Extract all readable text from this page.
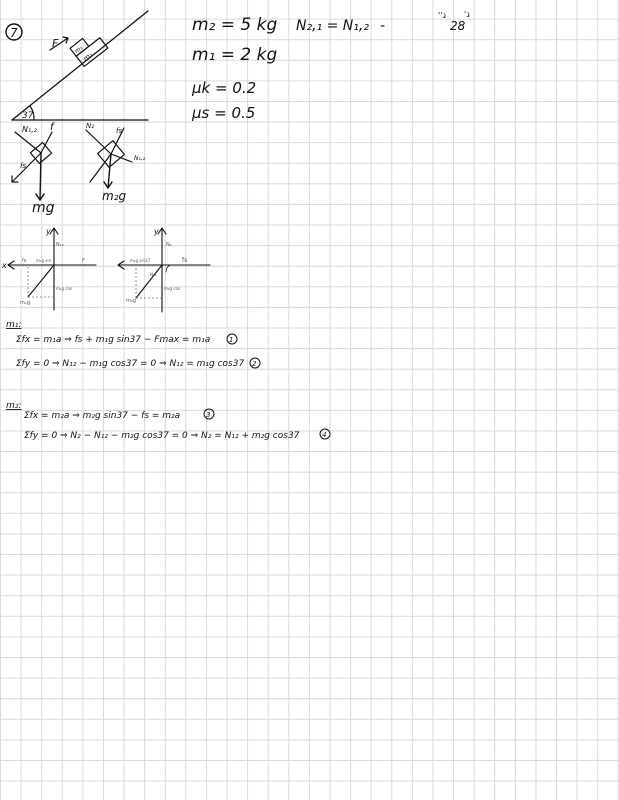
7
'ג
''ג
28
37
m₂
m₁
F
m₂ = 5 kg
m₁ = 2 kg
μk = 0.2
μs = 0.5
N₂,₁ = N₁,₂ -
N₁,₂ f
fs
mg
N₂
fs
N₁,₂
m₂g
y
x
N₁₂
fs	F
m₁g sin
m₁g cos
m₁g
y
N₂
fs
m₂g sin37
m₂g cos
m₂g
N₁₂
m₁:
Σfx = m₁a ⇒ fs + m₁g sin37 − Fmax = m₁a	1
Σfy = 0 ⇒ N₁₂ − m₁g cos37 = 0 ⇒ N₁₂ = m₁g cos37 2
m₂:
Σfx = m₂a ⇒ m₂g sin37 − fs = m₂a	3
Σfy = 0 ⇒ N₂ − N₁₂ − m₂g cos37 = 0 ⇒ N₂ = N₁₂ + m₂g cos37	4
